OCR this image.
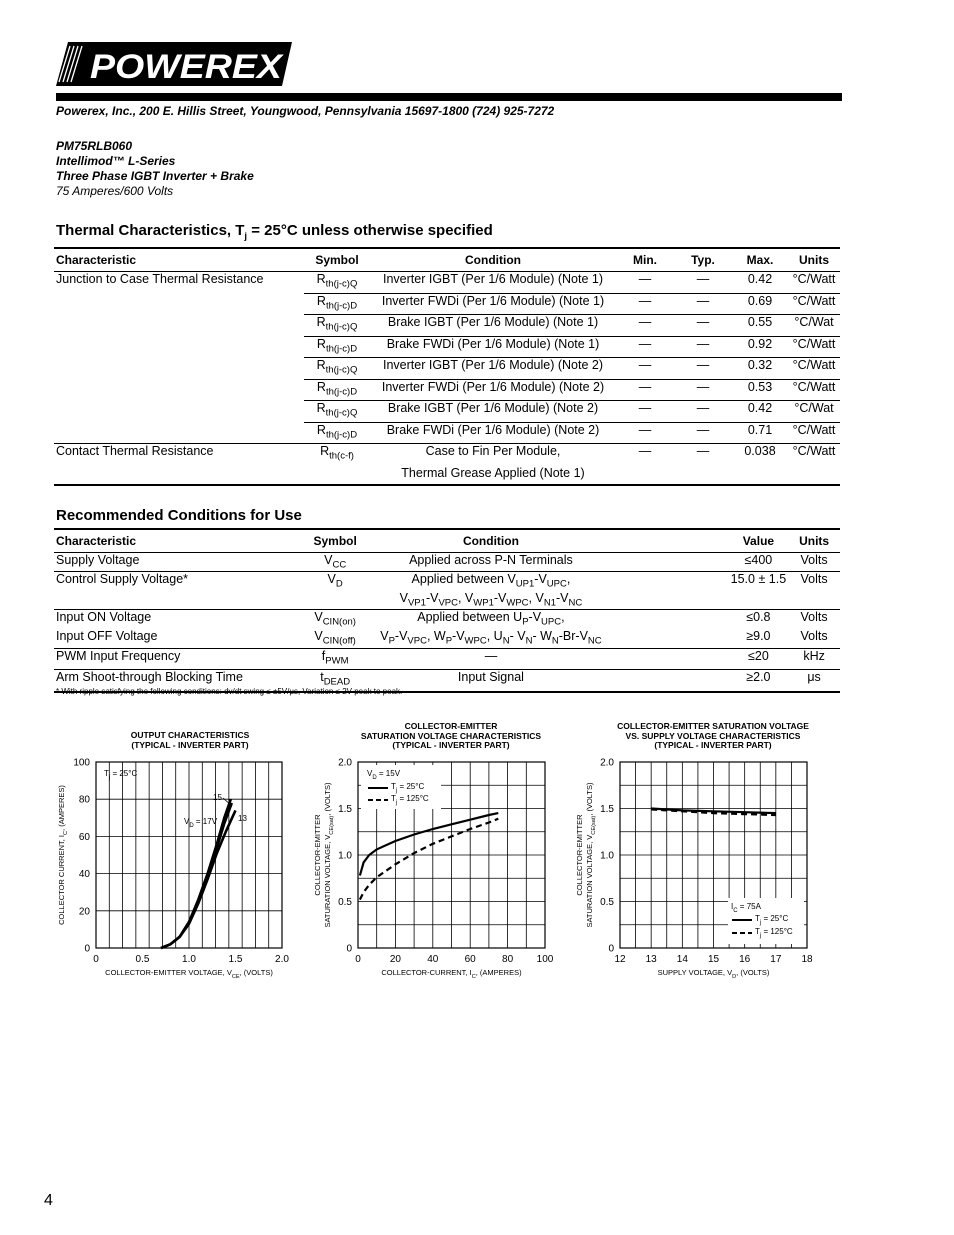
POWEREX
Powerex, Inc., 200 E. Hillis Street, Youngwood, Pennsylvania 15697-1800 (724) 925-7272
PM75RLB060
Intellimod™ L-Series
Three Phase IGBT Inverter + Brake
75 Amperes/600 Volts
Thermal Characteristics, $T_j = 25^\circ C$ unless otherwise specified
Characteristic	Symbol	Condition	Min.	Typ.	Max.	Units
Junction to Case Thermal Resistance	$R_{th(j-c)Q}$	Inverter IGBT (Per 1/6 Module) (Note 1)	—	—	0.42	°C/Watt
	$R_{th(j-c)D}$	Inverter FWDi (Per 1/6 Module) (Note 1)	—	—	0.69	°C/Watt
	$R_{th(j-c)Q}$	Brake IGBT (Per 1/6 Module) (Note 1)	—	—	0.55	°C/Wat
	$R_{th(j-c)D}$	Brake FWDi (Per 1/6 Module) (Note 1)	—	—	0.92	°C/Watt
	$R_{th(j-c)Q}$	Inverter IGBT (Per 1/6 Module) (Note 2)	—	—	0.32	°C/Watt
	$R_{th(j-c)D}$	Inverter FWDi (Per 1/6 Module) (Note 2)	—	—	0.53	°C/Watt
	$R_{th(j-c)Q}$	Brake IGBT (Per 1/6 Module) (Note 2)	—	—	0.42	°C/Wat
	$R_{th(j-c)D}$	Brake FWDi (Per 1/6 Module) (Note 2)	—	—	0.71	°C/Watt
Contact Thermal Resistance	$R_{th(c-f)}$	Case to Fin Per Module,
Thermal Grease Applied (Note 1)	—	—	0.038	°C/Watt
Recommended Conditions for Use
Characteristic	Symbol	Condition		Value	Units
Supply Voltage	$V_{CC}$	Applied across P-N Terminals		≤400	Volts
Control Supply Voltage*	$V_D$	Applied between $V_{UP1}-V_{UPC}$,
$V_{VP1}-V_{VPC}$, $V_{WP1}-V_{WPC}$, $V_{N1}-V_{NC}$		15.0 ± 1.5	Volts
Input ON Voltage	$V_{CIN(on)}$	Applied between $U_P-V_{UPC}$,		≤0.8	Volts
Input OFF Voltage	$V_{CIN(off)}$	$V_P-V_{VPC}$, $W_P-V_{WPC}$, $U_N-$ $V_N-$ $W_N-Br-V_{NC}$		≥9.0	Volts
PWM Input Frequency	$f_{PWM}$	—		≤20	kHz
Arm Shoot-through Blocking Time	$t_{DEAD}$	Input Signal		≥2.0	μs
* With ripple satisfying the following conditions: dv/dt swing ≤ ±5V/μs, Variation ≤ 2V peak to peak.
0	0.5	1.0	1.5	2.0
0
20
40
60
80
100
COLLECTOR-EMITTER VOLTAGE, $V_{CE}$, (VOLTS)
COLLECTOR CURRENT, $I_C$, (AMPERES)
$T_j = 25^\circ C$
$V_D = 17V$
15
13
0	20	40	60	80 100
0
0.5
1.0
1.5
2.0
COLLECTOR-CURRENT, $I_C$, (AMPERES)
COLLECTOR-EMITTER SATURATION VOLTAGE, $V_{CE(sat)}$, (VOLTS)
$V_D = 15V$
$T_j = 25^\circ C$
$T_j = 125^\circ C$
12 13 14 15 16 17 18
0
0.5
1.0
1.5
2.0
SUPPLY VOLTAGE, $V_D$, (VOLTS)
COLLECTOR-EMITTER SATURATION VOLTAGE, $V_{CE(sat)}$, (VOLTS)
$I_C = 75A$
$T_j = 25^\circ C$
$T_j = 125^\circ C$
OUTPUT CHARACTERISTICS
(TYPICAL - INVERTER PART)
COLLECTOR-EMITTER
SATURATION VOLTAGE CHARACTERISTICS
(TYPICAL - INVERTER PART)
COLLECTOR-EMITTER SATURATION VOLTAGE
VS. SUPPLY VOLTAGE CHARACTERISTICS
(TYPICAL - INVERTER PART)
4
